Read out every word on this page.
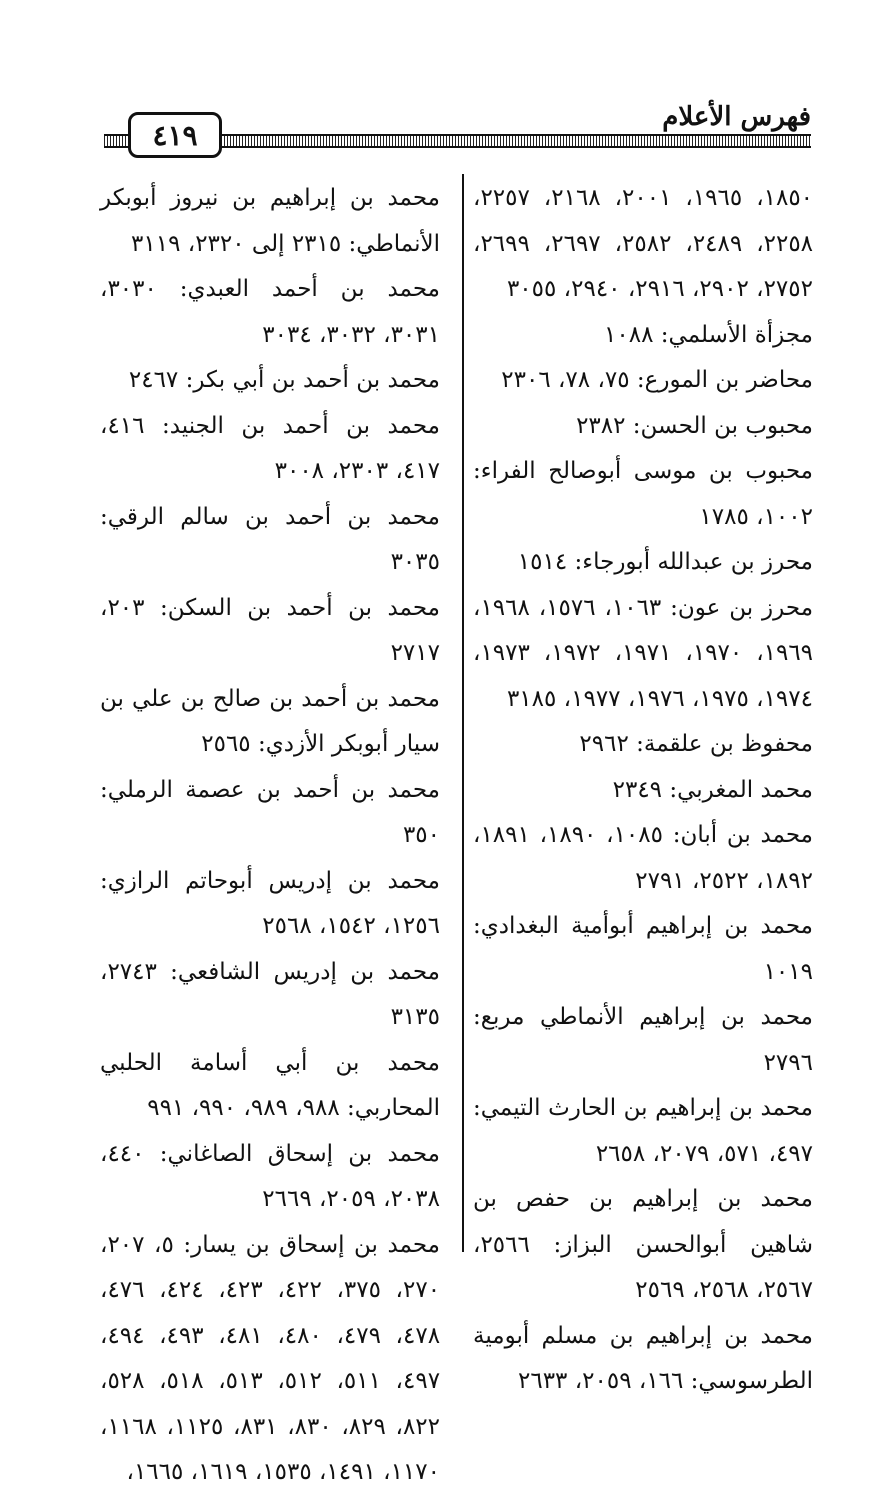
فهرس الأعلام
٤١٩

١٨٥٠، ١٩٦٥، ٢٠٠١، ٢١٦٨، ٢٢٥٧، ٢٢٥٨، ٢٤٨٩، ٢٥٨٢، ٢٦٩٧، ٢٦٩٩، ٢٧٥٢، ٢٩٠٢، ٢٩١٦، ٢٩٤٠، ٣٠٥٥

مجزأة الأسلمي: ١٠٨٨

محاضر بن المورع: ٧٥، ٧٨، ٢٣٠٦

محبوب بن الحسن: ٢٣٨٢

محبوب بن موسى أبوصالح الفراء: ١٠٠٢، ١٧٨٥

محرز بن عبدالله أبورجاء: ١٥١٤

محرز بن عون: ١٠٦٣، ١٥٧٦، ١٩٦٨، ١٩٦٩، ١٩٧٠، ١٩٧١، ١٩٧٢، ١٩٧٣، ١٩٧٤، ١٩٧٥، ١٩٧٦، ١٩٧٧، ٣١٨٥

محفوظ بن علقمة: ٢٩٦٢

محمد المغربي: ٢٣٤٩

محمد بن أبان: ١٠٨٥، ١٨٩٠، ١٨٩١، ١٨٩٢، ٢٥٢٢، ٢٧٩١

محمد بن إبراهيم أبوأمية البغدادي: ١٠١٩

محمد بن إبراهيم الأنماطي مربع: ٢٧٩٦

محمد بن إبراهيم بن الحارث التيمي: ٤٩٧، ٥٧١، ٢٠٧٩، ٢٦٥٨

محمد بن إبراهيم بن حفص بن شاهين أبوالحسن البزاز: ٢٥٦٦، ٢٥٦٧، ٢٥٦٨، ٢٥٦٩

محمد بن إبراهيم بن مسلم أبومية الطرسوسي: ١٦٦، ٢٠٥٩، ٢٦٣٣

محمد بن إبراهيم بن نيروز أبوبكر الأنماطي: ٢٣١٥ إلى ٢٣٢٠، ٣١١٩

محمد بن أحمد العبدي: ٣٠٣٠، ٣٠٣١، ٣٠٣٢، ٣٠٣٤

محمد بن أحمد بن أبي بكر: ٢٤٦٧

محمد بن أحمد بن الجنيد: ٤١٦، ٤١٧، ٢٣٠٣، ٣٠٠٨

محمد بن أحمد بن سالم الرقي: ٣٠٣٥

محمد بن أحمد بن السكن: ٢٠٣، ٢٧١٧

محمد بن أحمد بن صالح بن علي بن سيار أبوبكر الأزدي: ٢٥٦٥

محمد بن أحمد بن عصمة الرملي: ٣٥٠

محمد بن إدريس أبوحاتم الرازي: ١٢٥٦، ١٥٤٢، ٢٥٦٨

محمد بن إدريس الشافعي: ٢٧٤٣، ٣١٣٥

محمد بن أبي أسامة الحلبي المحاربي: ٩٨٨، ٩٨٩، ٩٩٠، ٩٩١

محمد بن إسحاق الصاغاني: ٤٤٠، ٢٠٣٨، ٢٠٥٩، ٢٦٦٩

محمد بن إسحاق بن يسار: ٥، ٢٠٧، ٢٧٠، ٣٧٥، ٤٢٢، ٤٢٣، ٤٢٤، ٤٧٦، ٤٧٨، ٤٧٩، ٤٨٠، ٤٨١، ٤٩٣، ٤٩٤، ٤٩٧، ٥١١، ٥١٢، ٥١٣، ٥١٨، ٥٢٨، ٨٢٢، ٨٢٩، ٨٣٠، ٨٣١، ١١٢٥، ١١٦٨، ١١٧٠، ١٤٩١، ١٥٣٥، ١٦١٩، ١٦٦٥،
